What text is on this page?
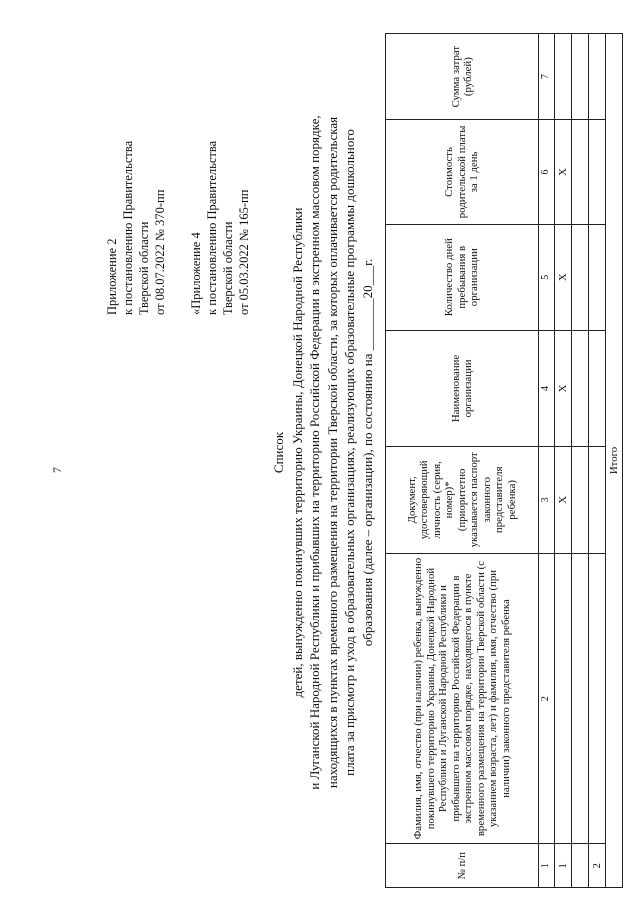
7
Приложение 2 к постановлению Правительства Тверской области от 08.07.2022 № 370-пп «Приложение 4 к постановлению Правительства Тверской области от 05.03.2022 № 165-пп
Список детей, вынужденно покинувших территорию Украины, Донецкой Народной Республики и Луганской Народной Республики и прибывших на территорию Российской Федерации в экстренном массовом порядке, находящихся в пунктах временного размещения на территории Тверской области, за которых оплачивается родительская плата за присмотр и уход в образовательных организациях, реализующих образовательные программы дошкольного образования (далее – организации), по состоянию на ________20___г.
№ п/п	Фамилия, имя, отчество (при наличии) ребенка, вынужденно покинувшего территорию Украины, Донецкой Народной Республики и Луганской Народной Республики и прибывшего на территорию Российской Федерации в экстренном массовом порядке, находящегося в пункте временного размещения на территории Тверской области (с указанием возраста, лет) и фамилия, имя, отчество (при наличии) законного представителя ребенка	Документ, удостоверяющий личность (серия, номер)* (приоритетно указывается паспорт законного представителя ребенка)	Наименование организации	Количество дней пребывания в организации	Стоимость родительской платы за 1 день	Сумма затрат (рублей)
1	2	3	4	5	6	7
1		X	X	X	X	

2						
Итого						
